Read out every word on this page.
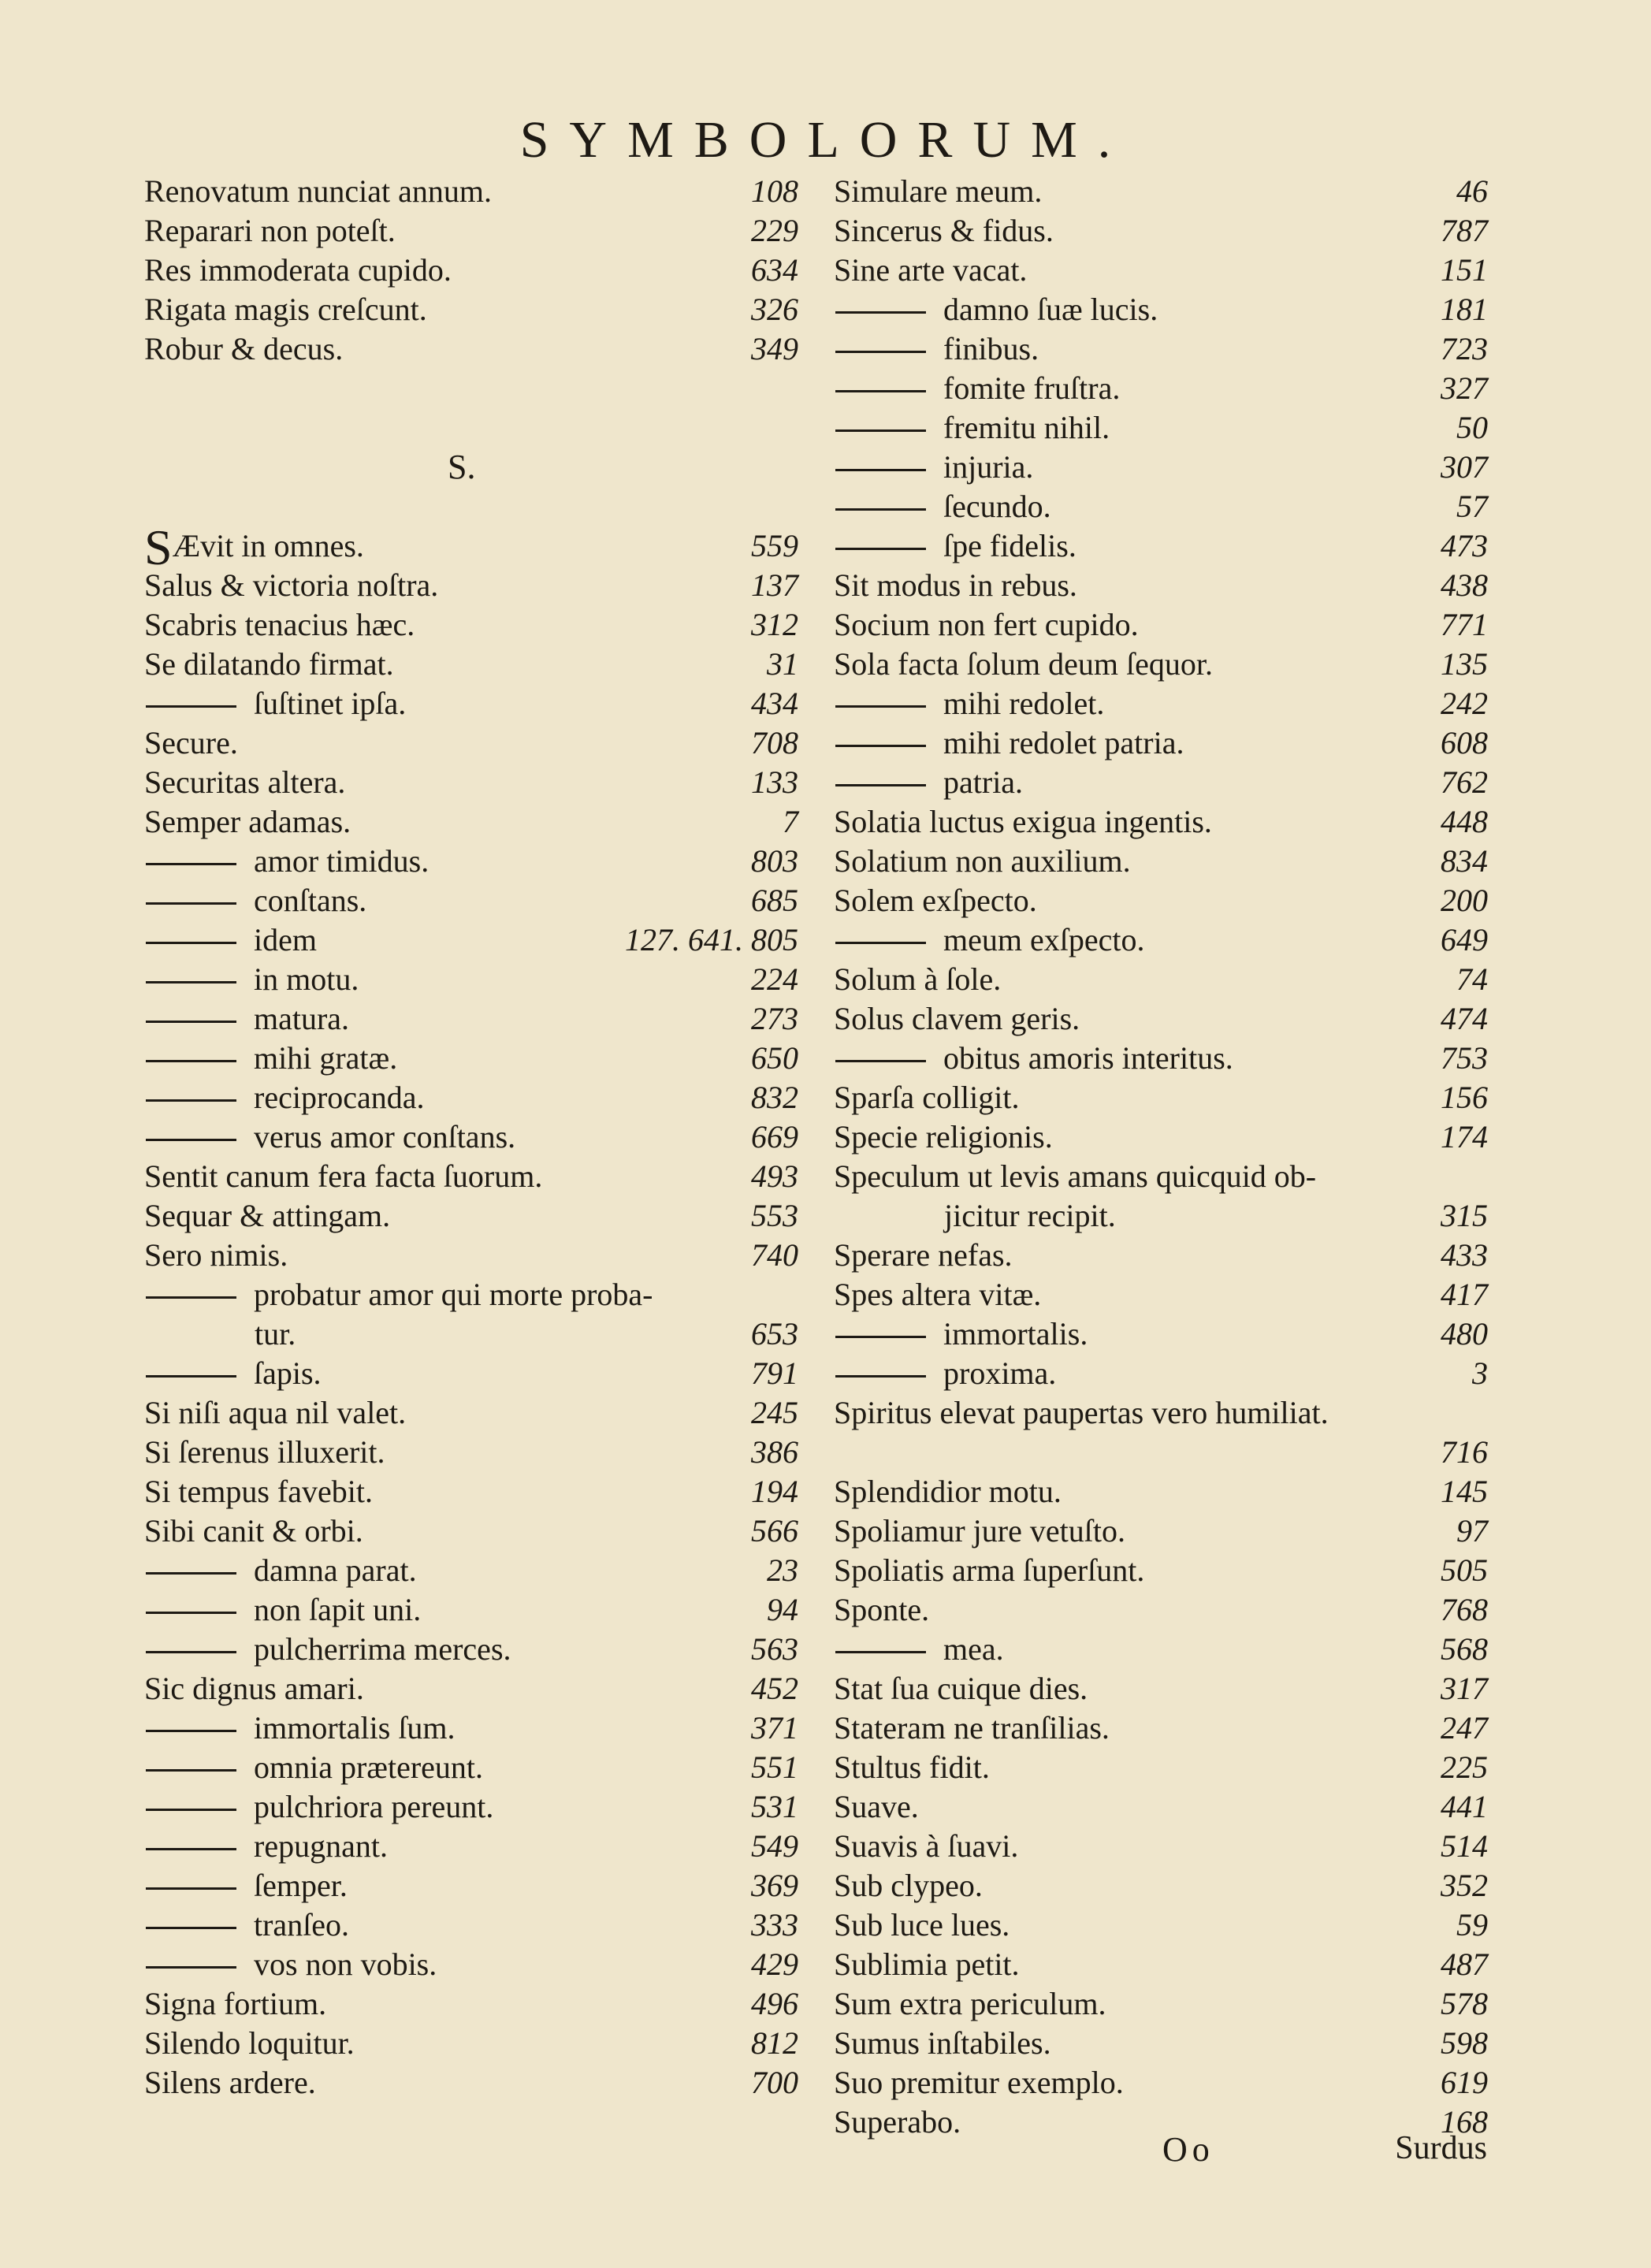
SYMBOLORUM.
Renovatum nunciat annum.	108
Reparari non poteſt.	229
Res immoderata cupido.	634
Rigata magis creſcunt.	326
Robur & decus.	349
S.
SÆvit in omnes.	559
Salus & victoria noſtra.	137
Scabris tenacius hæc.	312
Se dilatando firmat.	31
ſuſtinet ipſa.	434
Secure.	708
Securitas altera.	133
Semper adamas.	7
amor timidus.	803
conſtans.	685
idem	127. 641. 805
in motu.	224
matura.	273
mihi gratæ.	650
reciprocanda.	832
verus amor conſtans.	669
Sentit canum fera facta ſuorum.	493
Sequar & attingam.	553
Sero nimis.	740
probatur amor qui morte proba-
tur.	653
ſapis.	791
Si niſi aqua nil valet.	245
Si ſerenus illuxerit.	386
Si tempus favebit.	194
Sibi canit & orbi.	566
damna parat.	23
non ſapit uni.	94
pulcherrima merces.	563
Sic dignus amari.	452
immortalis ſum.	371
omnia prætereunt.	551
pulchriora pereunt.	531
repugnant.	549
ſemper.	369
tranſeo.	333
vos non vobis.	429
Signa fortium.	496
Silendo loquitur.	812
Silens ardere.	700
Simulare meum.	46
Sincerus & fidus.	787
Sine arte vacat.	151
damno ſuæ lucis.	181
finibus.	723
fomite fruſtra.	327
fremitu nihil.	50
injuria.	307
ſecundo.	57
ſpe fidelis.	473
Sit modus in rebus.	438
Socium non fert cupido.	771
Sola facta ſolum deum ſequor.	135
mihi redolet.	242
mihi redolet patria.	608
patria.	762
Solatia luctus exigua ingentis.	448
Solatium non auxilium.	834
Solem exſpecto.	200
meum exſpecto.	649
Solum à ſole.	74
Solus clavem geris.	474
obitus amoris interitus.	753
Sparſa colligit.	156
Specie religionis.	174
Speculum ut levis amans quicquid ob-
jicitur recipit.	315
Sperare nefas.	433
Spes altera vitæ.	417
immortalis.	480
proxima.	3
Spiritus elevat paupertas vero humiliat.
716
Splendidior motu.	145
Spoliamur jure vetuſto.	97
Spoliatis arma ſuperſunt.	505
Sponte.	768
mea.	568
Stat ſua cuique dies.	317
Stateram ne tranſilias.	247
Stultus fidit.	225
Suave.	441
Suavis à ſuavi.	514
Sub clypeo.	352
Sub luce lues.	59
Sublimia petit.	487
Sum extra periculum.	578
Sumus inſtabiles.	598
Suo premitur exemplo.	619
Superabo.	168
Oo	Surdus
